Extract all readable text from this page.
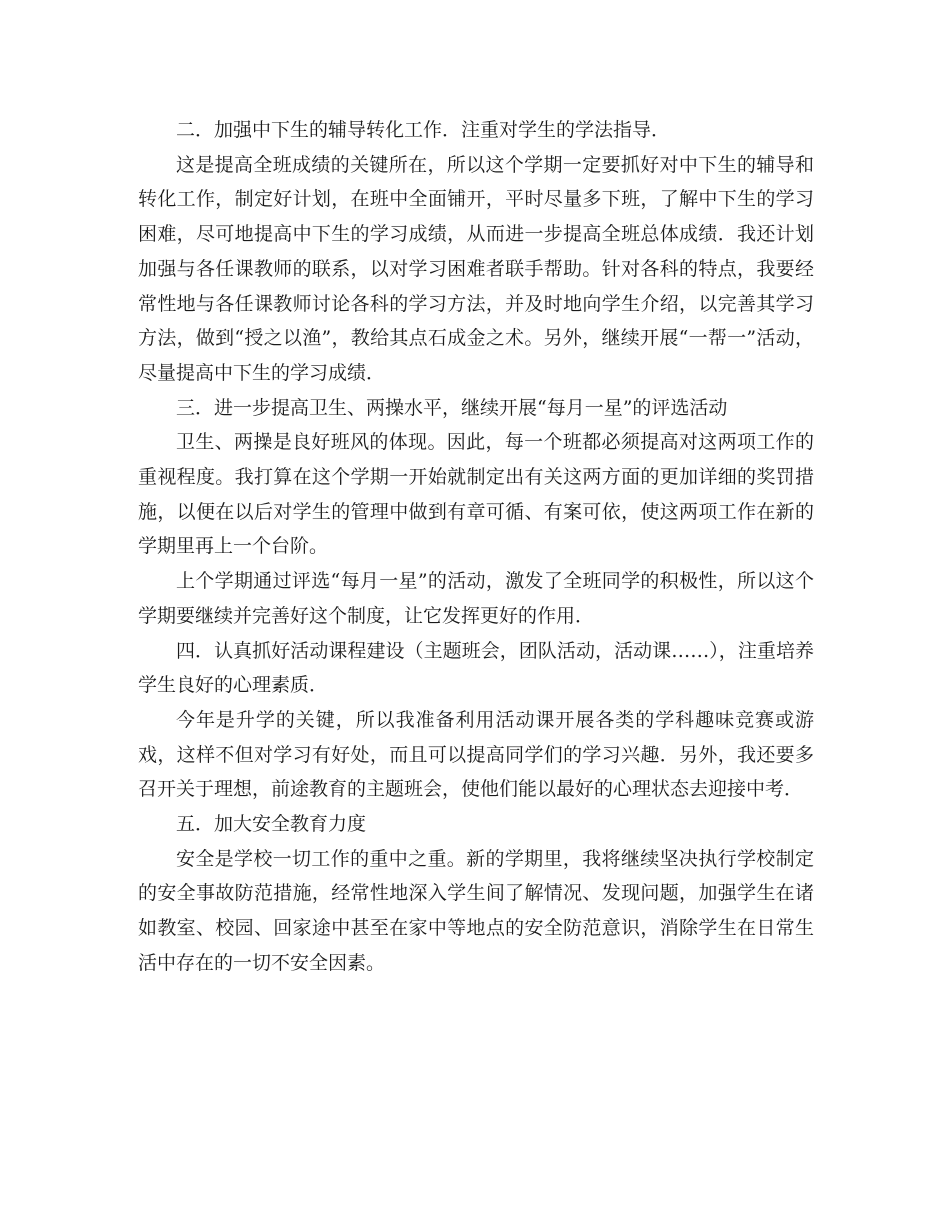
二．加强中下生的辅导转化工作．注重对学生的学法指导．

这是提高全班成绩的关键所在，所以这个学期一定要抓好对中下生的辅导和转化工作，制定好计划，在班中全面铺开，平时尽量多下班，了解中下生的学习困难，尽可地提高中下生的学习成绩，从而进一步提高全班总体成绩．我还计划加强与各任课教师的联系，以对学习困难者联手帮助。针对各科的特点，我要经常性地与各任课教师讨论各科的学习方法，并及时地向学生介绍，以完善其学习方法，做到“授之以渔”，教给其点石成金之术。另外，继续开展“一帮一”活动，尽量提高中下生的学习成绩．

三．进一步提高卫生、两操水平，继续开展“每月一星”的评选活动

卫生、两操是良好班风的体现。因此，每一个班都必须提高对这两项工作的重视程度。我打算在这个学期一开始就制定出有关这两方面的更加详细的奖罚措施，以便在以后对学生的管理中做到有章可循、有案可依，使这两项工作在新的学期里再上一个台阶。

上个学期通过评选“每月一星”的活动，激发了全班同学的积极性，所以这个学期要继续并完善好这个制度，让它发挥更好的作用．

四．认真抓好活动课程建设（主题班会，团队活动，活动课……），注重培养学生良好的心理素质．

今年是升学的关键，所以我准备利用活动课开展各类的学科趣味竞赛或游戏，这样不但对学习有好处，而且可以提高同学们的学习兴趣．另外，我还要多召开关于理想，前途教育的主题班会，使他们能以最好的心理状态去迎接中考．

五．加大安全教育力度

安全是学校一切工作的重中之重。新的学期里，我将继续坚决执行学校制定的安全事故防范措施，经常性地深入学生间了解情况、发现问题，加强学生在诸如教室、校园、回家途中甚至在家中等地点的安全防范意识，消除学生在日常生活中存在的一切不安全因素。
